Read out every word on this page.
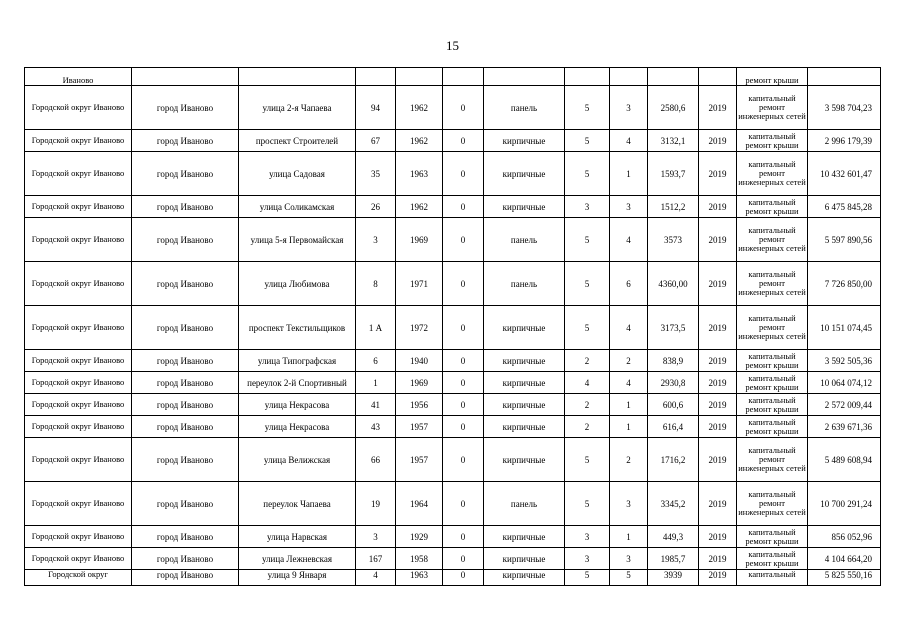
15
Иваново											ремонт крыши	
Городской округ Иваново	город Иваново	улица 2-я Чапаева	94	1962	0	панель	5	3	2580,6	2019	капитальный ремонт инженерных сетей	3 598 704,23
Городской округ Иваново	город Иваново	проспект Строителей	67	1962	0	кирпичные	5	4	3132,1	2019	капитальный ремонт крыши	2 996 179,39
Городской округ Иваново	город Иваново	улица Садовая	35	1963	0	кирпичные	5	1	1593,7	2019	капитальный ремонт инженерных сетей	10 432 601,47
Городской округ Иваново	город Иваново	улица Соликамская	26	1962	0	кирпичные	3	3	1512,2	2019	капитальный ремонт крыши	6 475 845,28
Городской округ Иваново	город Иваново	улица 5-я Первомайская	3	1969	0	панель	5	4	3573	2019	капитальный ремонт инженерных сетей	5 597 890,56
Городской округ Иваново	город Иваново	улица Любимова	8	1971	0	панель	5	6	4360,00	2019	капитальный ремонт инженерных сетей	7 726 850,00
Городской округ Иваново	город Иваново	проспект Текстильщиков	1 А	1972	0	кирпичные	5	4	3173,5	2019	капитальный ремонт инженерных сетей	10 151 074,45
Городской округ Иваново	город Иваново	улица Типографская	6	1940	0	кирпичные	2	2	838,9	2019	капитальный ремонт крыши	3 592 505,36
Городской округ Иваново	город Иваново	переулок 2-й Спортивный	1	1969	0	кирпичные	4	4	2930,8	2019	капитальный ремонт крыши	10 064 074,12
Городской округ Иваново	город Иваново	улица Некрасова	41	1956	0	кирпичные	2	1	600,6	2019	капитальный ремонт крыши	2 572 009,44
Городской округ Иваново	город Иваново	улица Некрасова	43	1957	0	кирпичные	2	1	616,4	2019	капитальный ремонт крыши	2 639 671,36
Городской округ Иваново	город Иваново	улица Велижская	66	1957	0	кирпичные	5	2	1716,2	2019	капитальный ремонт инженерных сетей	5 489 608,94
Городской округ Иваново	город Иваново	переулок Чапаева	19	1964	0	панель	5	3	3345,2	2019	капитальный ремонт инженерных сетей	10 700 291,24
Городской округ Иваново	город Иваново	улица Нарвская	3	1929	0	кирпичные	3	1	449,3	2019	капитальный ремонт крыши	856 052,96
Городской округ Иваново	город Иваново	улица Лежневская	167	1958	0	кирпичные	3	3	1985,7	2019	капитальный ремонт крыши	4 104 664,20
Городской округ	город Иваново	улица 9 Января	4	1963	0	кирпичные	5	5	3939	2019	капитальный	5 825 550,16
